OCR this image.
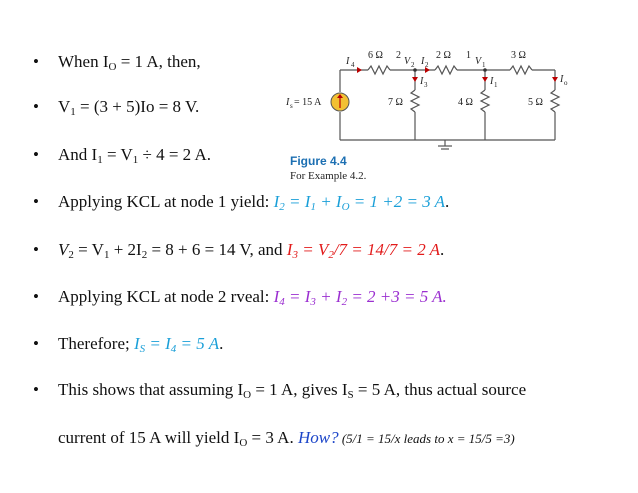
I 4
6 Ω 2
V 2 I 2
2 Ω 1
V 1
3 Ω
I 3	I 1	I o
7 Ω	4 Ω	5 Ω
I s = 15 A
Figure 4.4
For Example 4.2.
• When $I_O = 1$ A, then,
• $V_1 = (3 + 5)Io = 8$ V.
• And $I_1 = V_1 \div 4 = 2$ A.
• Applying KCL at node 1 yield: $I_2 = I_1 + I_O = 1 +2 = 3$ A.
• $V_2 = V_1 + 2I_2 = 8 + 6 = 14$ V, and $I_3 = V_2/7 = 14/7 = 2$ A.
• Applying KCL at node 2 rveal: $I_4 = I_3 + I_2 = 2 +3 = 5$ A.
• Therefore; $I_S = I_4 = 5$ A.
• This shows that assuming $I_O = 1$ A, gives $I_S = 5$ A, thus actual source
current of 15 A will yield $I_O = 3$ A. How? (5/1 = 15/x leads to x = 15/5 =3)
